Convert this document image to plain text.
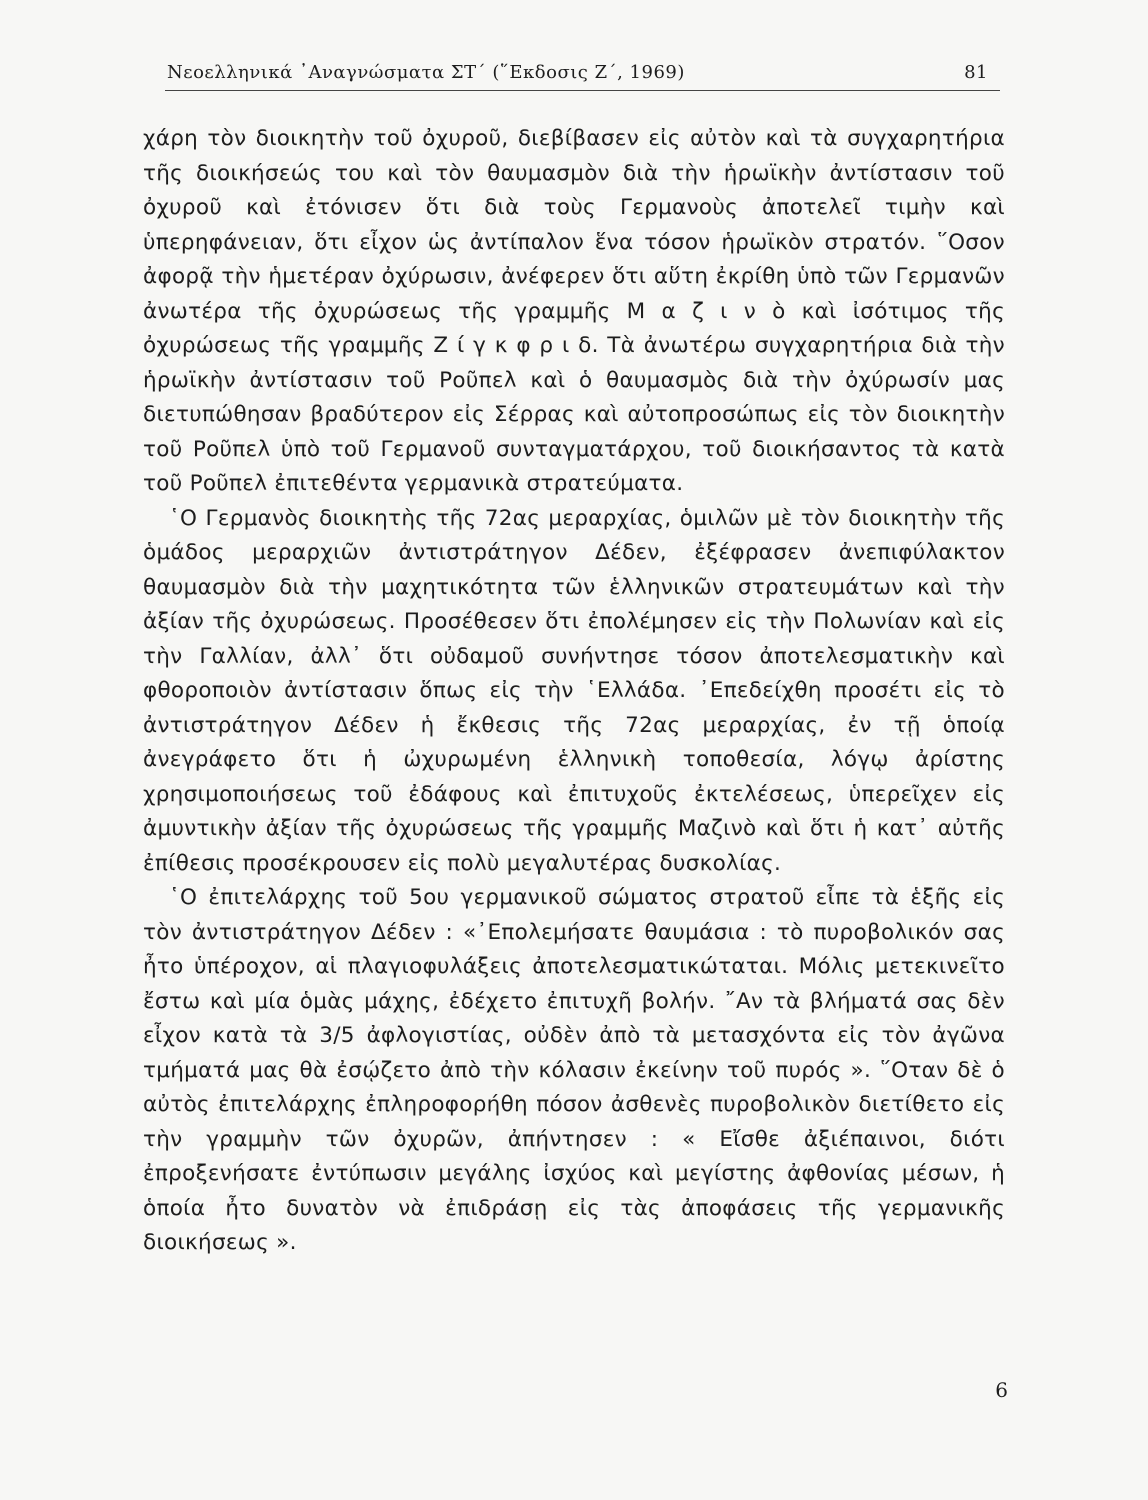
Νεοελληνικά ᾿Αναγνώσματα ΣΤ΄ (῞Εκδοσις Ζ΄, 1969)	81

χάρη τὸν διοικητὴν τοῦ ὀχυροῦ, διεβίβασεν εἰς αὐτὸν καὶ τὰ συγχαρητήρια τῆς διοικήσεώς του καὶ τὸν θαυμασμὸν διὰ τὴν ἡρωϊκὴν ἀντίστασιν τοῦ ὀχυροῦ καὶ ἐτόνισεν ὅτι διὰ τοὺς Γερμανοὺς ἀποτελεῖ τιμὴν καὶ ὑπερηφάνειαν, ὅτι εἶχον ὡς ἀντίπαλον ἕνα τόσον ἡρωϊκὸν στρατόν. ῞Οσον ἀφορᾷ τὴν ἡμετέραν ὀχύρωσιν, ἀνέφερεν ὅτι αὕτη ἐκρίθη ὑπὸ τῶν Γερμανῶν ἀνωτέρα τῆς ὀχυρώσεως τῆς γραμμῆς Μ α ζ ι ν ὸ καὶ ἰσότιμος τῆς ὀχυρώσεως τῆς γραμμῆς Ζ ί γ κ φ ρ ι δ. Τὰ ἀνωτέρω συγχαρητήρια διὰ τὴν ἡρωϊκὴν ἀντίστασιν τοῦ Ροῦπελ καὶ ὁ θαυμασμὸς διὰ τὴν ὀχύρωσίν μας διετυπώθησαν βραδύτερον εἰς Σέρρας καὶ αὐτοπροσώπως εἰς τὸν διοικητὴν τοῦ Ροῦπελ ὑπὸ τοῦ Γερμανοῦ συνταγματάρχου, τοῦ διοικήσαντος τὰ κατὰ τοῦ Ροῦπελ ἐπιτεθέντα γερμανικὰ στρατεύματα.

῾Ο Γερμανὸς διοικητὴς τῆς 72ας μεραρχίας, ὁμιλῶν μὲ τὸν διοικητὴν τῆς ὁμάδος μεραρχιῶν ἀντιστράτηγον Δέδεν, ἐξέφρασεν ἀνεπιφύλακτον θαυμασμὸν διὰ τὴν μαχητικότητα τῶν ἑλληνικῶν στρατευμάτων καὶ τὴν ἀξίαν τῆς ὀχυρώσεως. Προσέθεσεν ὅτι ἐπολέμησεν εἰς τὴν Πολωνίαν καὶ εἰς τὴν Γαλλίαν, ἀλλ᾿ ὅτι οὐδαμοῦ συνήντησε τόσον ἀποτελεσματικὴν καὶ φθοροποιὸν ἀντίστασιν ὅπως εἰς τὴν ῾Ελλάδα. ᾿Επεδείχθη προσέτι εἰς τὸ ἀντιστράτηγον Δέδεν ἡ ἔκθεσις τῆς 72ας μεραρχίας, ἐν τῇ ὁποίᾳ ἀνεγράφετο ὅτι ἡ ὠχυρωμένη ἑλληνικὴ τοποθεσία, λόγῳ ἀρίστης χρησιμοποιήσεως τοῦ ἐδάφους καὶ ἐπιτυχοῦς ἐκτελέσεως, ὑπερεῖχεν εἰς ἀμυντικὴν ἀξίαν τῆς ὀχυρώσεως τῆς γραμμῆς Μαζινὸ καὶ ὅτι ἡ κατ᾿ αὐτῆς ἐπίθεσις προσέκρουσεν εἰς πολὺ μεγαλυτέρας δυσκολίας.

῾Ο ἐπιτελάρχης τοῦ 5ου γερμανικοῦ σώματος στρατοῦ εἶπε τὰ ἑξῆς εἰς τὸν ἀντιστράτηγον Δέδεν : «᾿Επολεμήσατε θαυμάσια : τὸ πυροβολικόν σας ἦτο ὑπέροχον, αἱ πλαγιοφυλάξεις ἀποτελεσματικώταται. Μόλις μετεκινεῖτο ἔστω καὶ μία ὁμὰς μάχης, ἐδέχετο ἐπιτυχῆ βολήν. ῎Αν τὰ βλήματά σας δὲν εἶχον κατὰ τὰ 3/5 ἀφλογιστίας, οὐδὲν ἀπὸ τὰ μετασχόντα εἰς τὸν ἀγῶνα τμήματά μας θὰ ἐσῴζετο ἀπὸ τὴν κόλασιν ἐκείνην τοῦ πυρός ». ῞Οταν δὲ ὁ αὐτὸς ἐπιτελάρχης ἐπληροφορήθη πόσον ἀσθενὲς πυροβολικὸν διετίθετο εἰς τὴν γραμμὴν τῶν ὀχυρῶν, ἀπήντησεν : « Εἴσθε ἀξιέπαινοι, διότι ἐπροξενήσατε ἐντύπωσιν μεγάλης ἰσχύος καὶ μεγίστης ἀφθονίας μέσων, ἡ ὁποία ἦτο δυνατὸν νὰ ἐπιδράσῃ εἰς τὰς ἀποφάσεις τῆς γερμανικῆς διοικήσεως ».

6
